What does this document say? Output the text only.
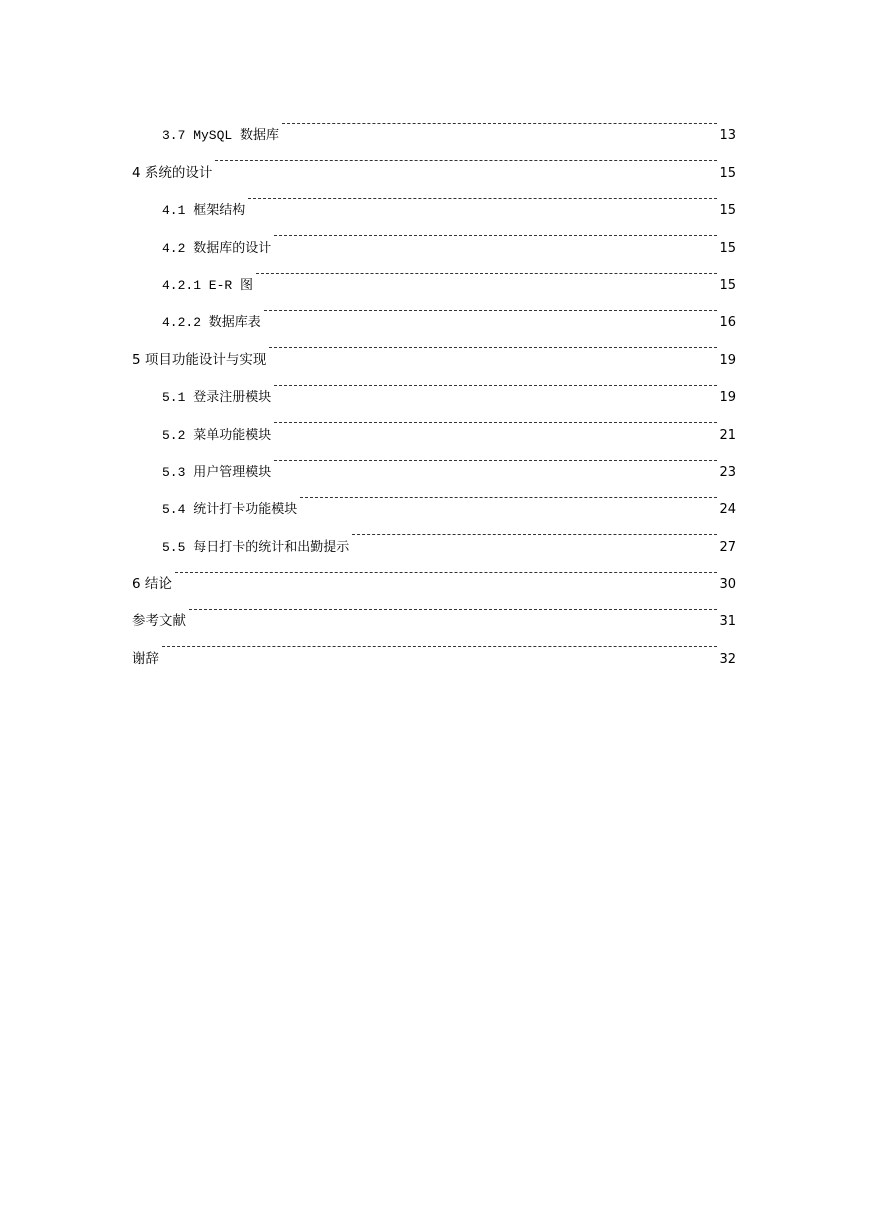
3.7 MySQL 数据库	13
4 系统的设计	15
4.1 框架结构	15
4.2 数据库的设计	15
4.2.1 E-R 图	15
4.2.2 数据库表	16
5 项目功能设计与实现	19
5.1 登录注册模块	19
5.2 菜单功能模块	21
5.3 用户管理模块	23
5.4 统计打卡功能模块	24
5.5 每日打卡的统计和出勤提示	27
6 结论	30
参考文献	31
谢辞	32
